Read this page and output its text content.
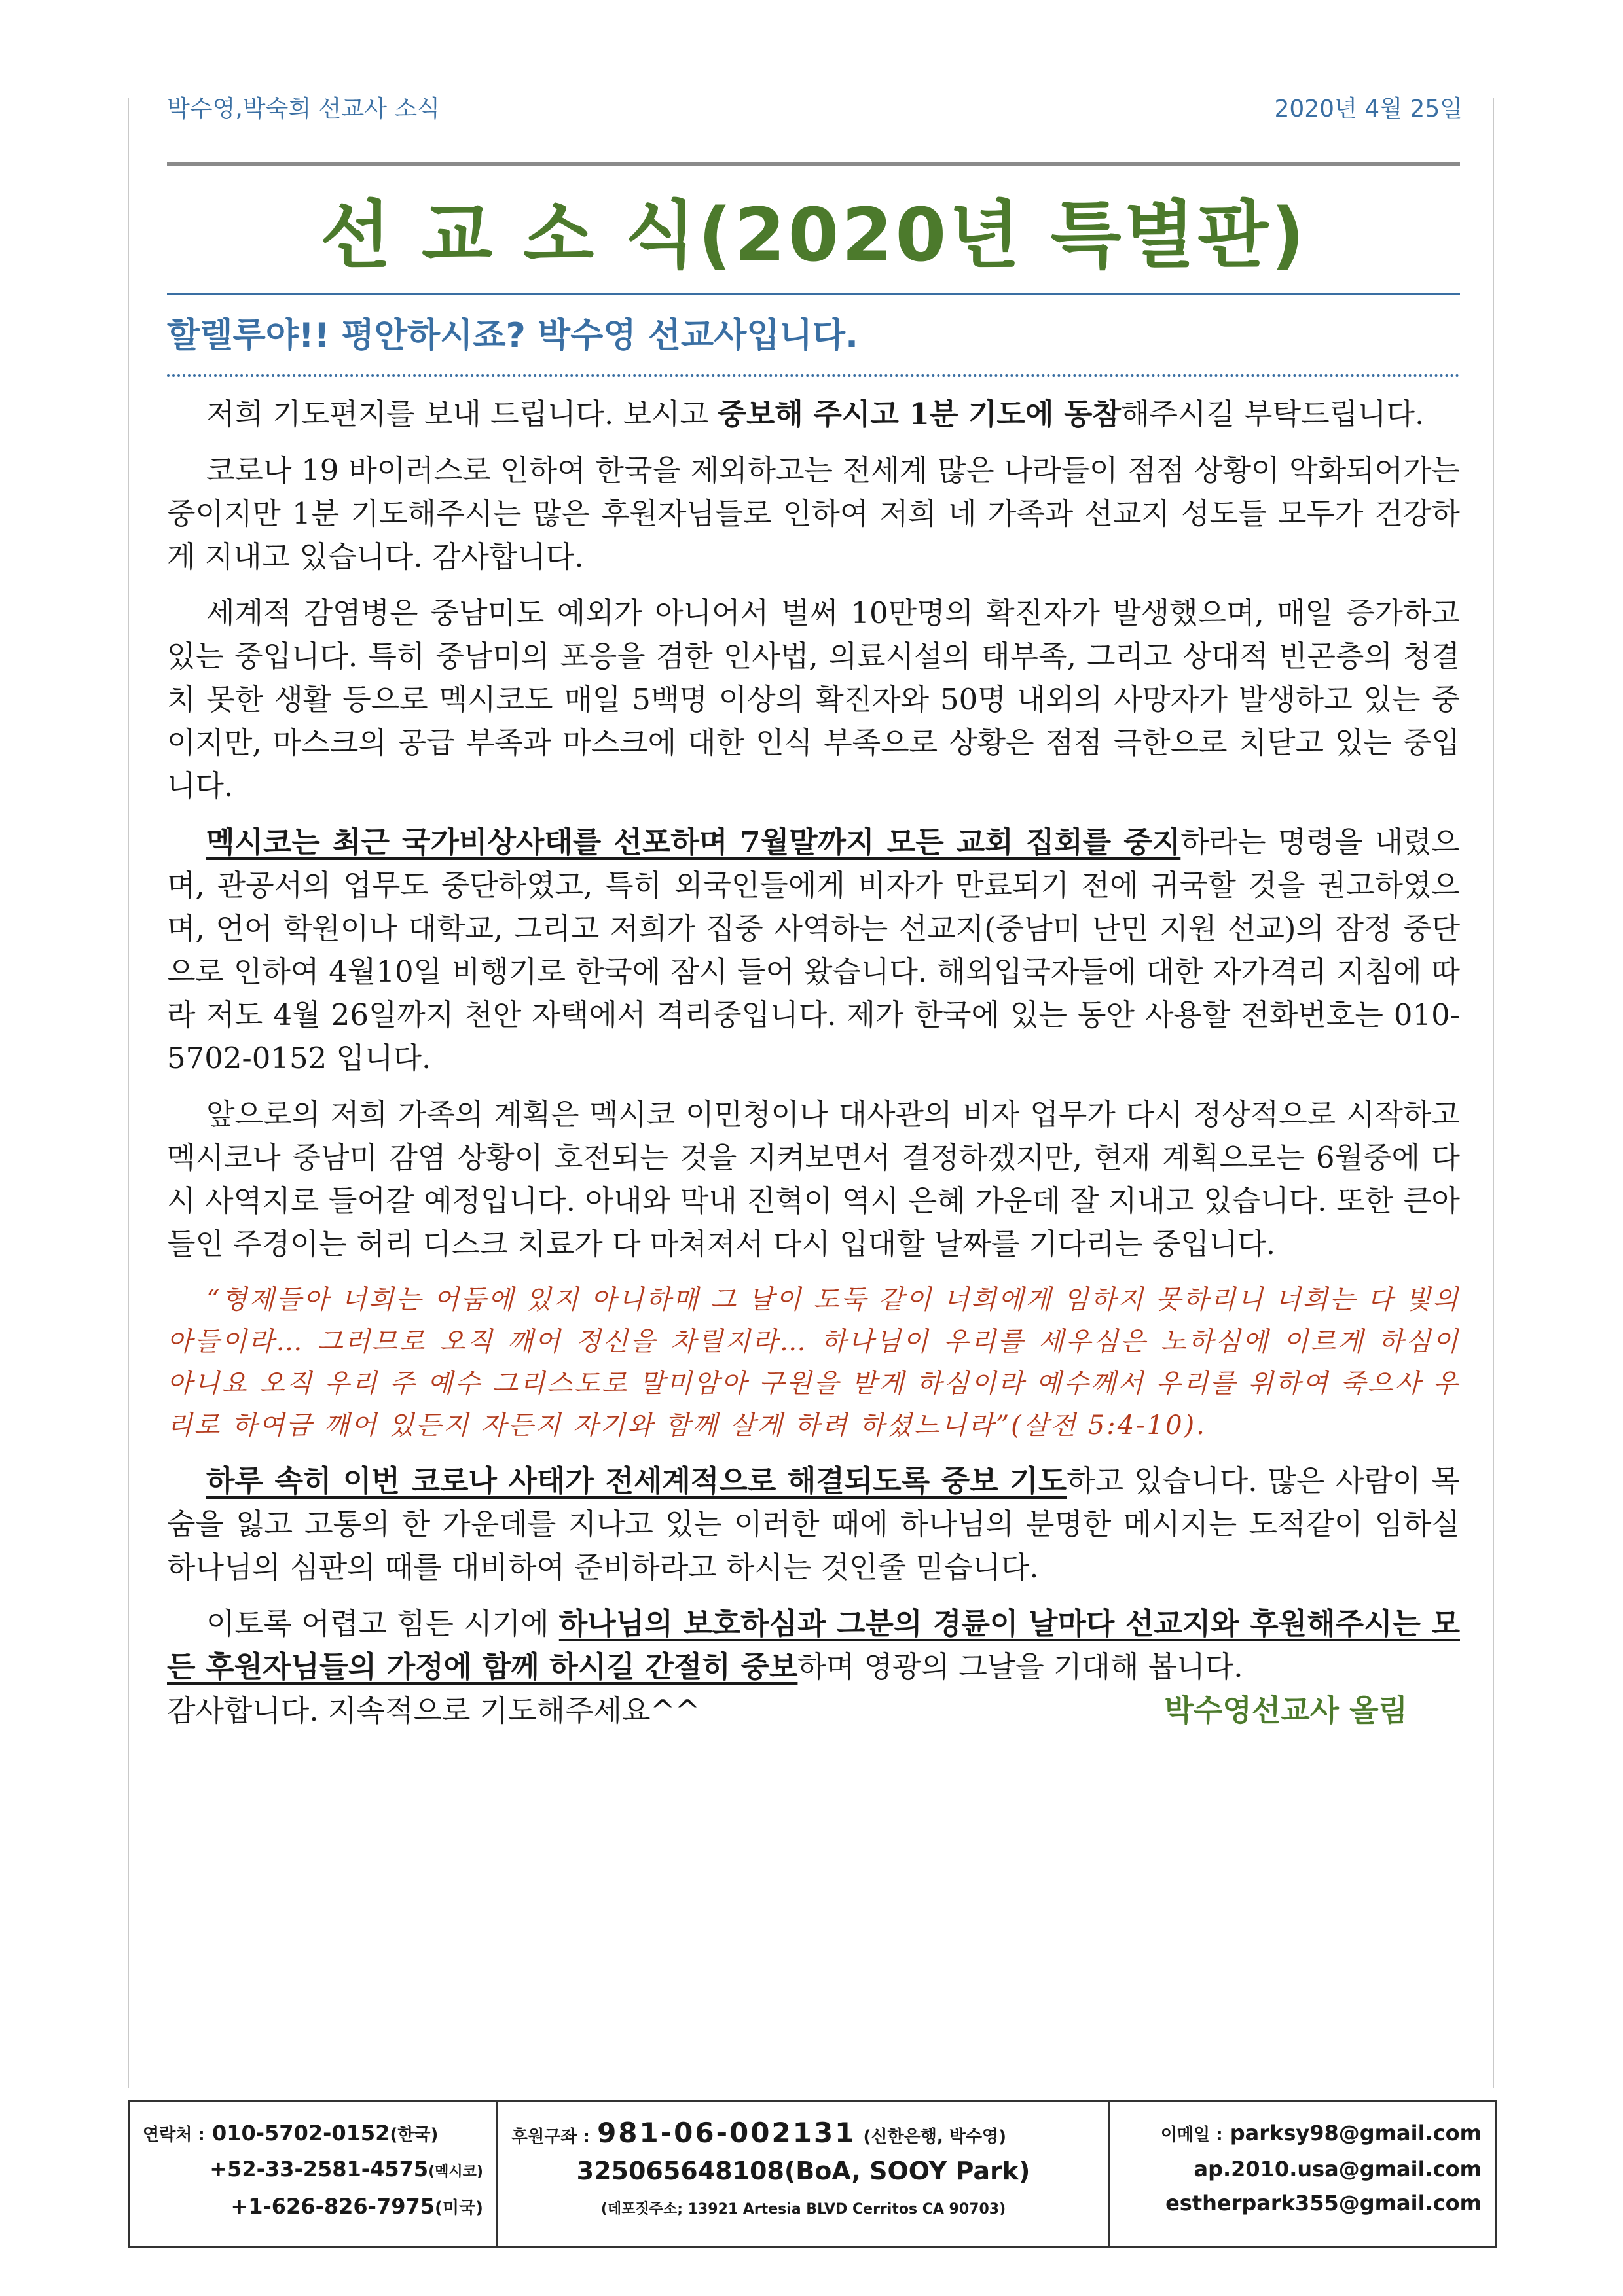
박수영,박숙희 선교사 소식	2020년 4월 25일
선 교 소 식(2020년 특별판)
할렐루야!! 평안하시죠? 박수영 선교사입니다.

저희 기도편지를 보내 드립니다. 보시고 중보해 주시고 1분 기도에 동참해주시길 부탁드립니다.

코로나 19 바이러스로 인하여 한국을 제외하고는 전세계 많은 나라들이 점점 상황이 악화되어가는 중이지만 1분 기도해주시는 많은 후원자님들로 인하여 저희 네 가족과 선교지 성도들 모두가 건강하게 지내고 있습니다. 감사합니다.

세계적 감염병은 중남미도 예외가 아니어서 벌써 10만명의 확진자가 발생했으며, 매일 증가하고 있는 중입니다. 특히 중남미의 포응을 겸한 인사법, 의료시설의 태부족, 그리고 상대적 빈곤층의 청결치 못한 생활 등으로 멕시코도 매일 5백명 이상의 확진자와 50명 내외의 사망자가 발생하고 있는 중이지만, 마스크의 공급 부족과 마스크에 대한 인식 부족으로 상황은 점점 극한으로 치닫고 있는 중입니다.

멕시코는 최근 국가비상사태를 선포하며 7월말까지 모든 교회 집회를 중지하라는 명령을 내렸으며, 관공서의 업무도 중단하였고, 특히 외국인들에게 비자가 만료되기 전에 귀국할 것을 권고하였으며, 언어 학원이나 대학교, 그리고 저희가 집중 사역하는 선교지(중남미 난민 지원 선교)의 잠정 중단으로 인하여 4월10일 비행기로 한국에 잠시 들어 왔습니다. 해외입국자들에 대한 자가격리 지침에 따라 저도 4월 26일까지 천안 자택에서 격리중입니다. 제가 한국에 있는 동안 사용할 전화번호는 010-5702-0152 입니다.

앞으로의 저희 가족의 계획은 멕시코 이민청이나 대사관의 비자 업무가 다시 정상적으로 시작하고 멕시코나 중남미 감염 상황이 호전되는 것을 지켜보면서 결정하겠지만, 현재 계획으로는 6월중에 다시 사역지로 들어갈 예정입니다. 아내와 막내 진혁이 역시 은혜 가운데 잘 지내고 있습니다. 또한 큰아들인 주경이는 허리 디스크 치료가 다 마쳐져서 다시 입대할 날짜를 기다리는 중입니다.

“형제들아 너희는 어둠에 있지 아니하매 그 날이 도둑 같이 너희에게 임하지 못하리니 너희는 다 빛의 아들이라… 그러므로 오직 깨어 정신을 차릴지라… 하나님이 우리를 세우심은 노하심에 이르게 하심이 아니요 오직 우리 주 예수 그리스도로 말미암아 구원을 받게 하심이라 예수께서 우리를 위하여 죽으사 우리로 하여금 깨어 있든지 자든지 자기와 함께 살게 하려 하셨느니라”(살전 5:4-10).

하루 속히 이번 코로나 사태가 전세계적으로 해결되도록 중보 기도하고 있습니다. 많은 사람이 목숨을 잃고 고통의 한 가운데를 지나고 있는 이러한 때에 하나님의 분명한 메시지는 도적같이 임하실 하나님의 심판의 때를 대비하여 준비하라고 하시는 것인줄 믿습니다.

이토록 어렵고 힘든 시기에 하나님의 보호하심과 그분의 경륜이 날마다 선교지와 후원해주시는 모든 후원자님들의 가정에 함께 하시길 간절히 중보하며 영광의 그날을 기대해 봅니다.

감사합니다. 지속적으로 기도해주세요^^	박수영선교사 올림
연락처 : 010-5702-0152(한국)
+52-33-2581-4575(멕시코)
+1-626-826-7975(미국)
후원구좌 : 981-06-002131 (신한은행, 박수영)
325065648108(BoA, SOOY Park)
(데포짓주소; 13921 Artesia BLVD Cerritos CA 90703)
이메일 : parksy98@gmail.com
ap.2010.usa@gmail.com
estherpark355@gmail.com
